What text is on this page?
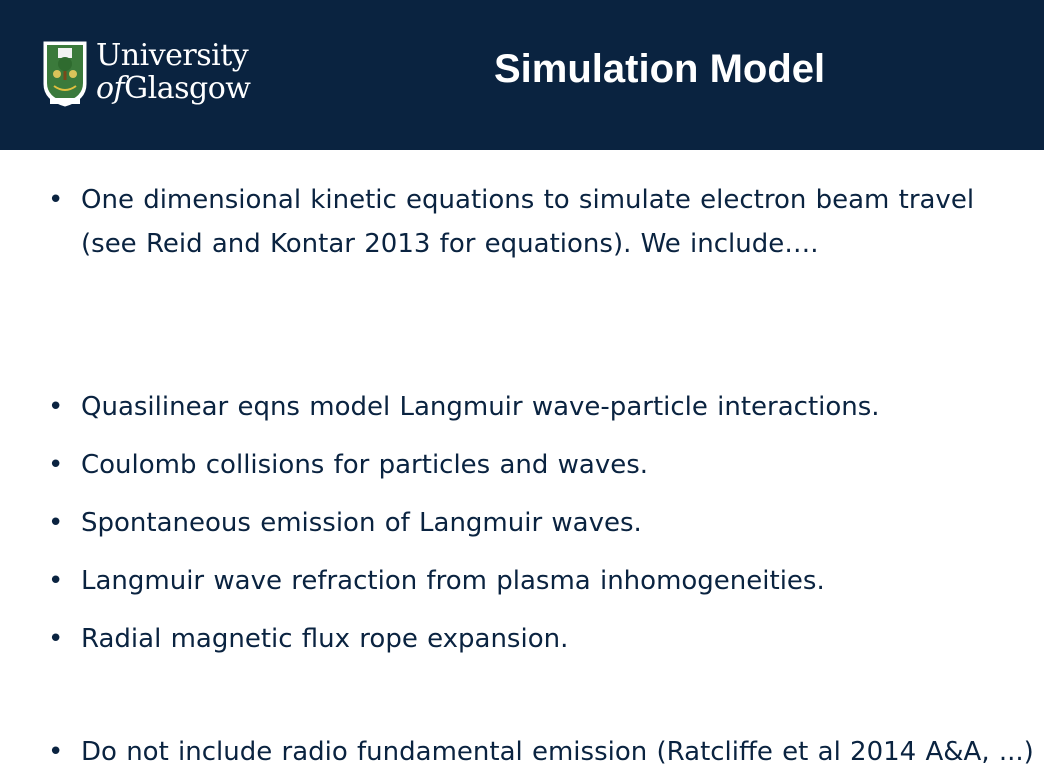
University
ofGlasgow	Simulation Model
• One dimensional kinetic equations to simulate electron beam travel (see Reid and Kontar 2013 for equations). We include….
• Quasilinear eqns model Langmuir wave-particle interactions.
• Coulomb collisions for particles and waves.
• Spontaneous emission of Langmuir waves.
• Langmuir wave refraction from plasma inhomogeneities.
• Radial magnetic flux rope expansion.
• Do not include radio fundamental emission (Ratcliffe et al 2014 A&A, ...)
